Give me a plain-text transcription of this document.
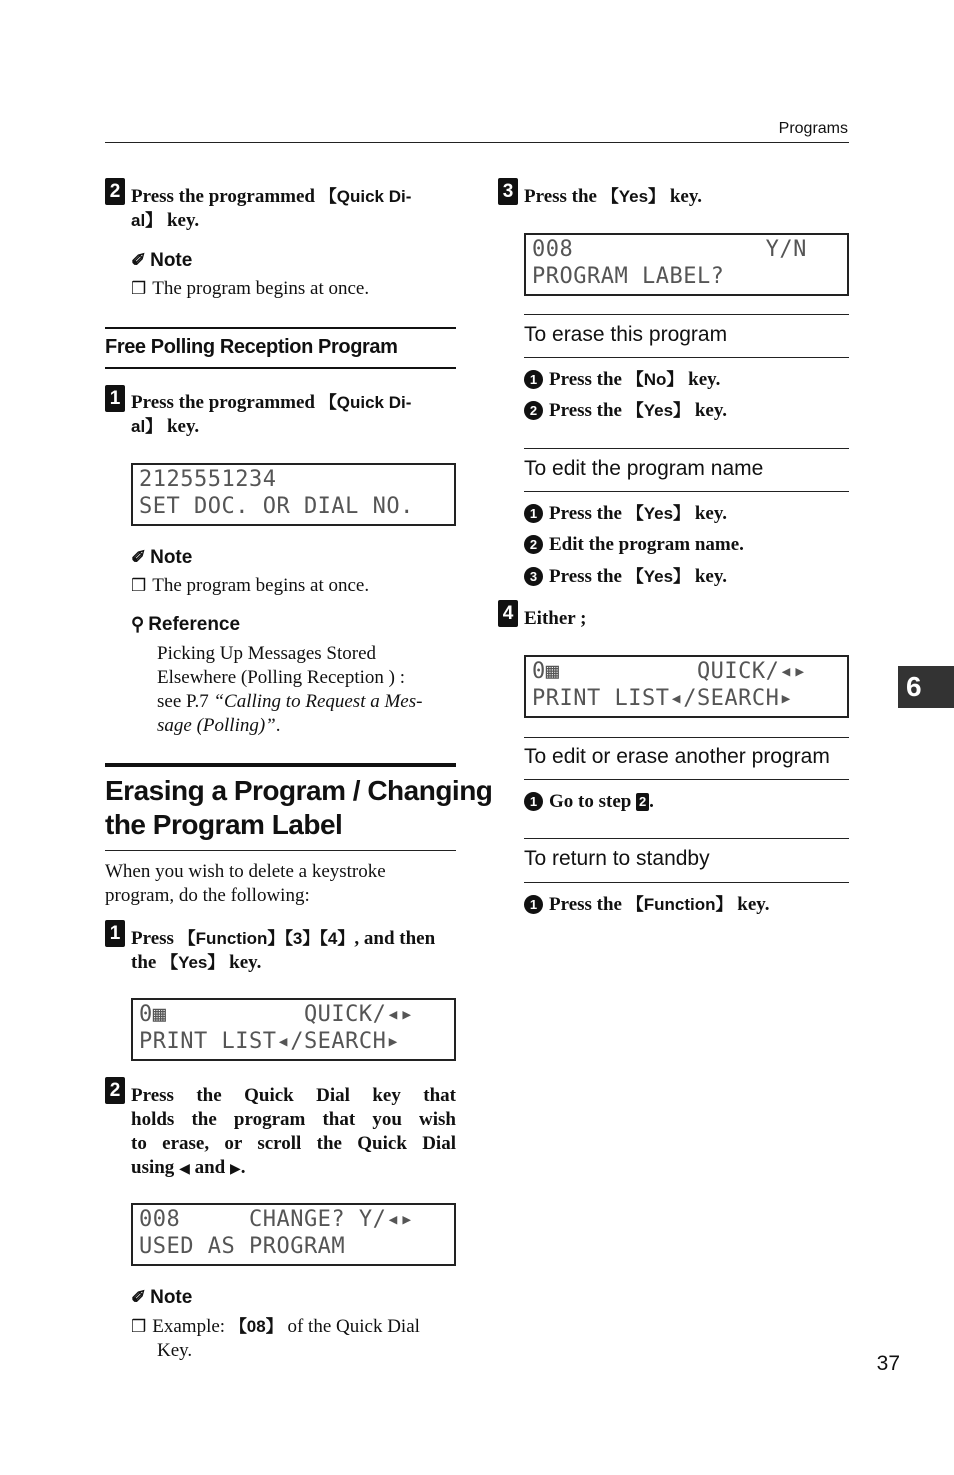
Programs
2 Press the programmed 【Quick Di-
al】 key.
✐ Note
❒ The program begins at once.
Free Polling Reception Program
1 Press the programmed 【Quick Di-
al】 key.
2125551234
SET DOC. OR DIAL NO.
✐ Note
❒ The program begins at once.
⚲ Reference
Picking Up Messages Stored
Elsewhere (Polling Reception ) :
see P.7 “Calling to Request a Mes-
sage (Polling)”.
Erasing a Program / Changing
the Program Label
When you wish to delete a keystroke
program, do the following:
1 Press 【Function】【3】【4】, and then
the 【Yes】 key.
0▦          QUICK/◂▸
PRINT LIST◂/SEARCH▸
2 Press the Quick Dial key that
holds the program that you wish
to erase, or scroll the Quick Dial
using ◀ and ▶.
008     CHANGE? Y/◂▸
USED AS PROGRAM
✐ Note
❒ Example: 【08】 of the Quick Dial
Key.
3 Press the 【Yes】 key.
008              Y/N
PROGRAM LABEL?
To erase this program
1 Press the 【No】 key.
2 Press the 【Yes】 key.
To edit the program name
1 Press the 【Yes】 key.
2 Edit the program name.
3 Press the 【Yes】 key.
4 Either ;
0▦          QUICK/◂▸
PRINT LIST◂/SEARCH▸
To edit or erase another program
1 Go to step 2 .
To return to standby
1 Press the 【Function】 key.
6
37
